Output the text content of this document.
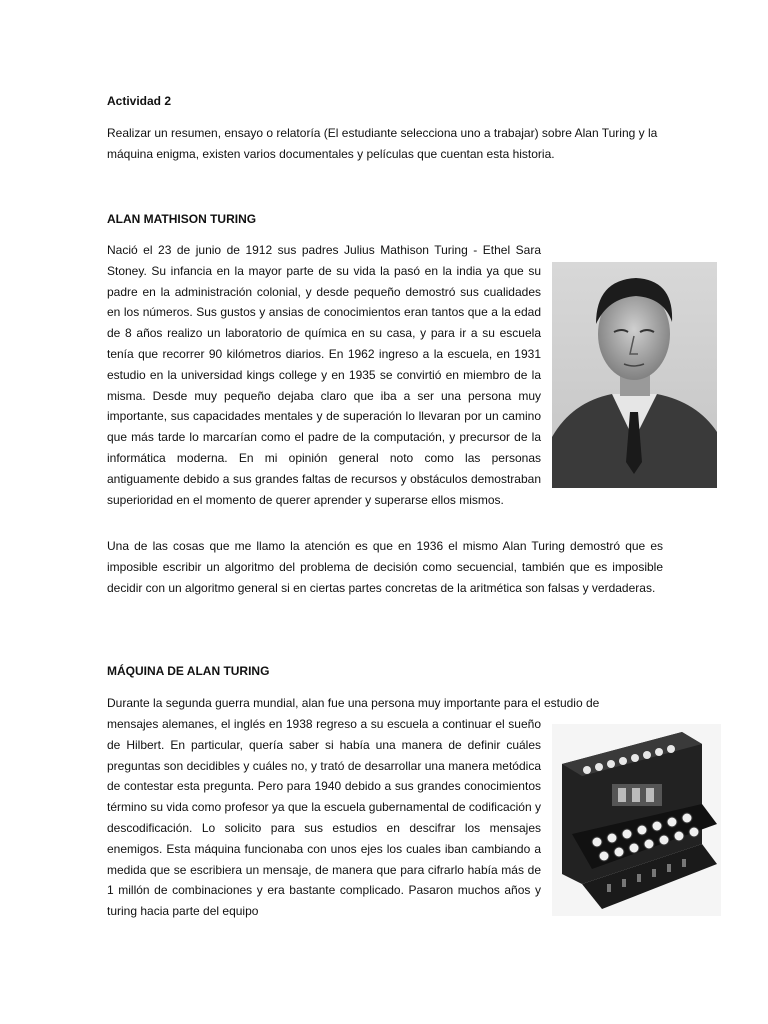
Actividad 2

Realizar un resumen, ensayo o relatoría (El estudiante selecciona uno a trabajar) sobre Alan Turing y la máquina enigma, existen varios documentales y películas que cuentan esta historia.

ALAN MATHISON TURING

Nació el 23 de junio de 1912 sus padres Julius Mathison Turing - Ethel Sara Stoney. Su infancia en la mayor parte de su vida la pasó en la india ya que su padre en la administración colonial, y desde pequeño demostró sus cualidades en los números. Sus gustos y ansias de conocimientos eran tantos que a la edad de 8 años realizo un laboratorio de química en su casa, y para ir a su escuela tenía que recorrer 90 kilómetros diarios. En 1962 ingreso a la escuela, en 1931 estudio en la universidad kings college y en 1935 se convirtió en miembro de la misma. Desde muy pequeño dejaba claro que iba a ser una persona muy importante, sus capacidades mentales y de superación lo llevaran por un camino que más tarde lo marcarían como el padre de la computación, y precursor de la informática moderna. En mi opinión general noto como las personas antiguamente debido a sus grandes faltas de recursos y obstáculos demostraban superioridad en el momento de querer aprender y superarse ellos mismos.

Una de las cosas que me llamo la atención es que en 1936 el mismo Alan Turing demostró que es imposible escribir un algoritmo del problema de decisión como secuencial, también que es imposible decidir con un algoritmo general si en ciertas partes concretas de la aritmética son falsas y verdaderas.

MÁQUINA DE ALAN TURING

Durante la segunda guerra mundial, alan fue una persona muy importante para el estudio de

mensajes alemanes, el inglés en 1938 regreso a su escuela a continuar el sueño de Hilbert. En particular, quería saber si había una manera de definir cuáles preguntas son decidibles y cuáles no, y trató de desarrollar una manera metódica de contestar esta pregunta. Pero para 1940 debido a sus grandes conocimientos término su vida como profesor ya que la escuela gubernamental de codificación y descodificación. Lo solicito para sus estudios en descifrar los mensajes enemigos. Esta máquina funcionaba con unos ejes los cuales iban cambiando a medida que se escribiera un mensaje, de manera que para cifrarlo había más de 1 millón de combinaciones y era bastante complicado. Pasaron muchos años y turing hacia parte del equipo
